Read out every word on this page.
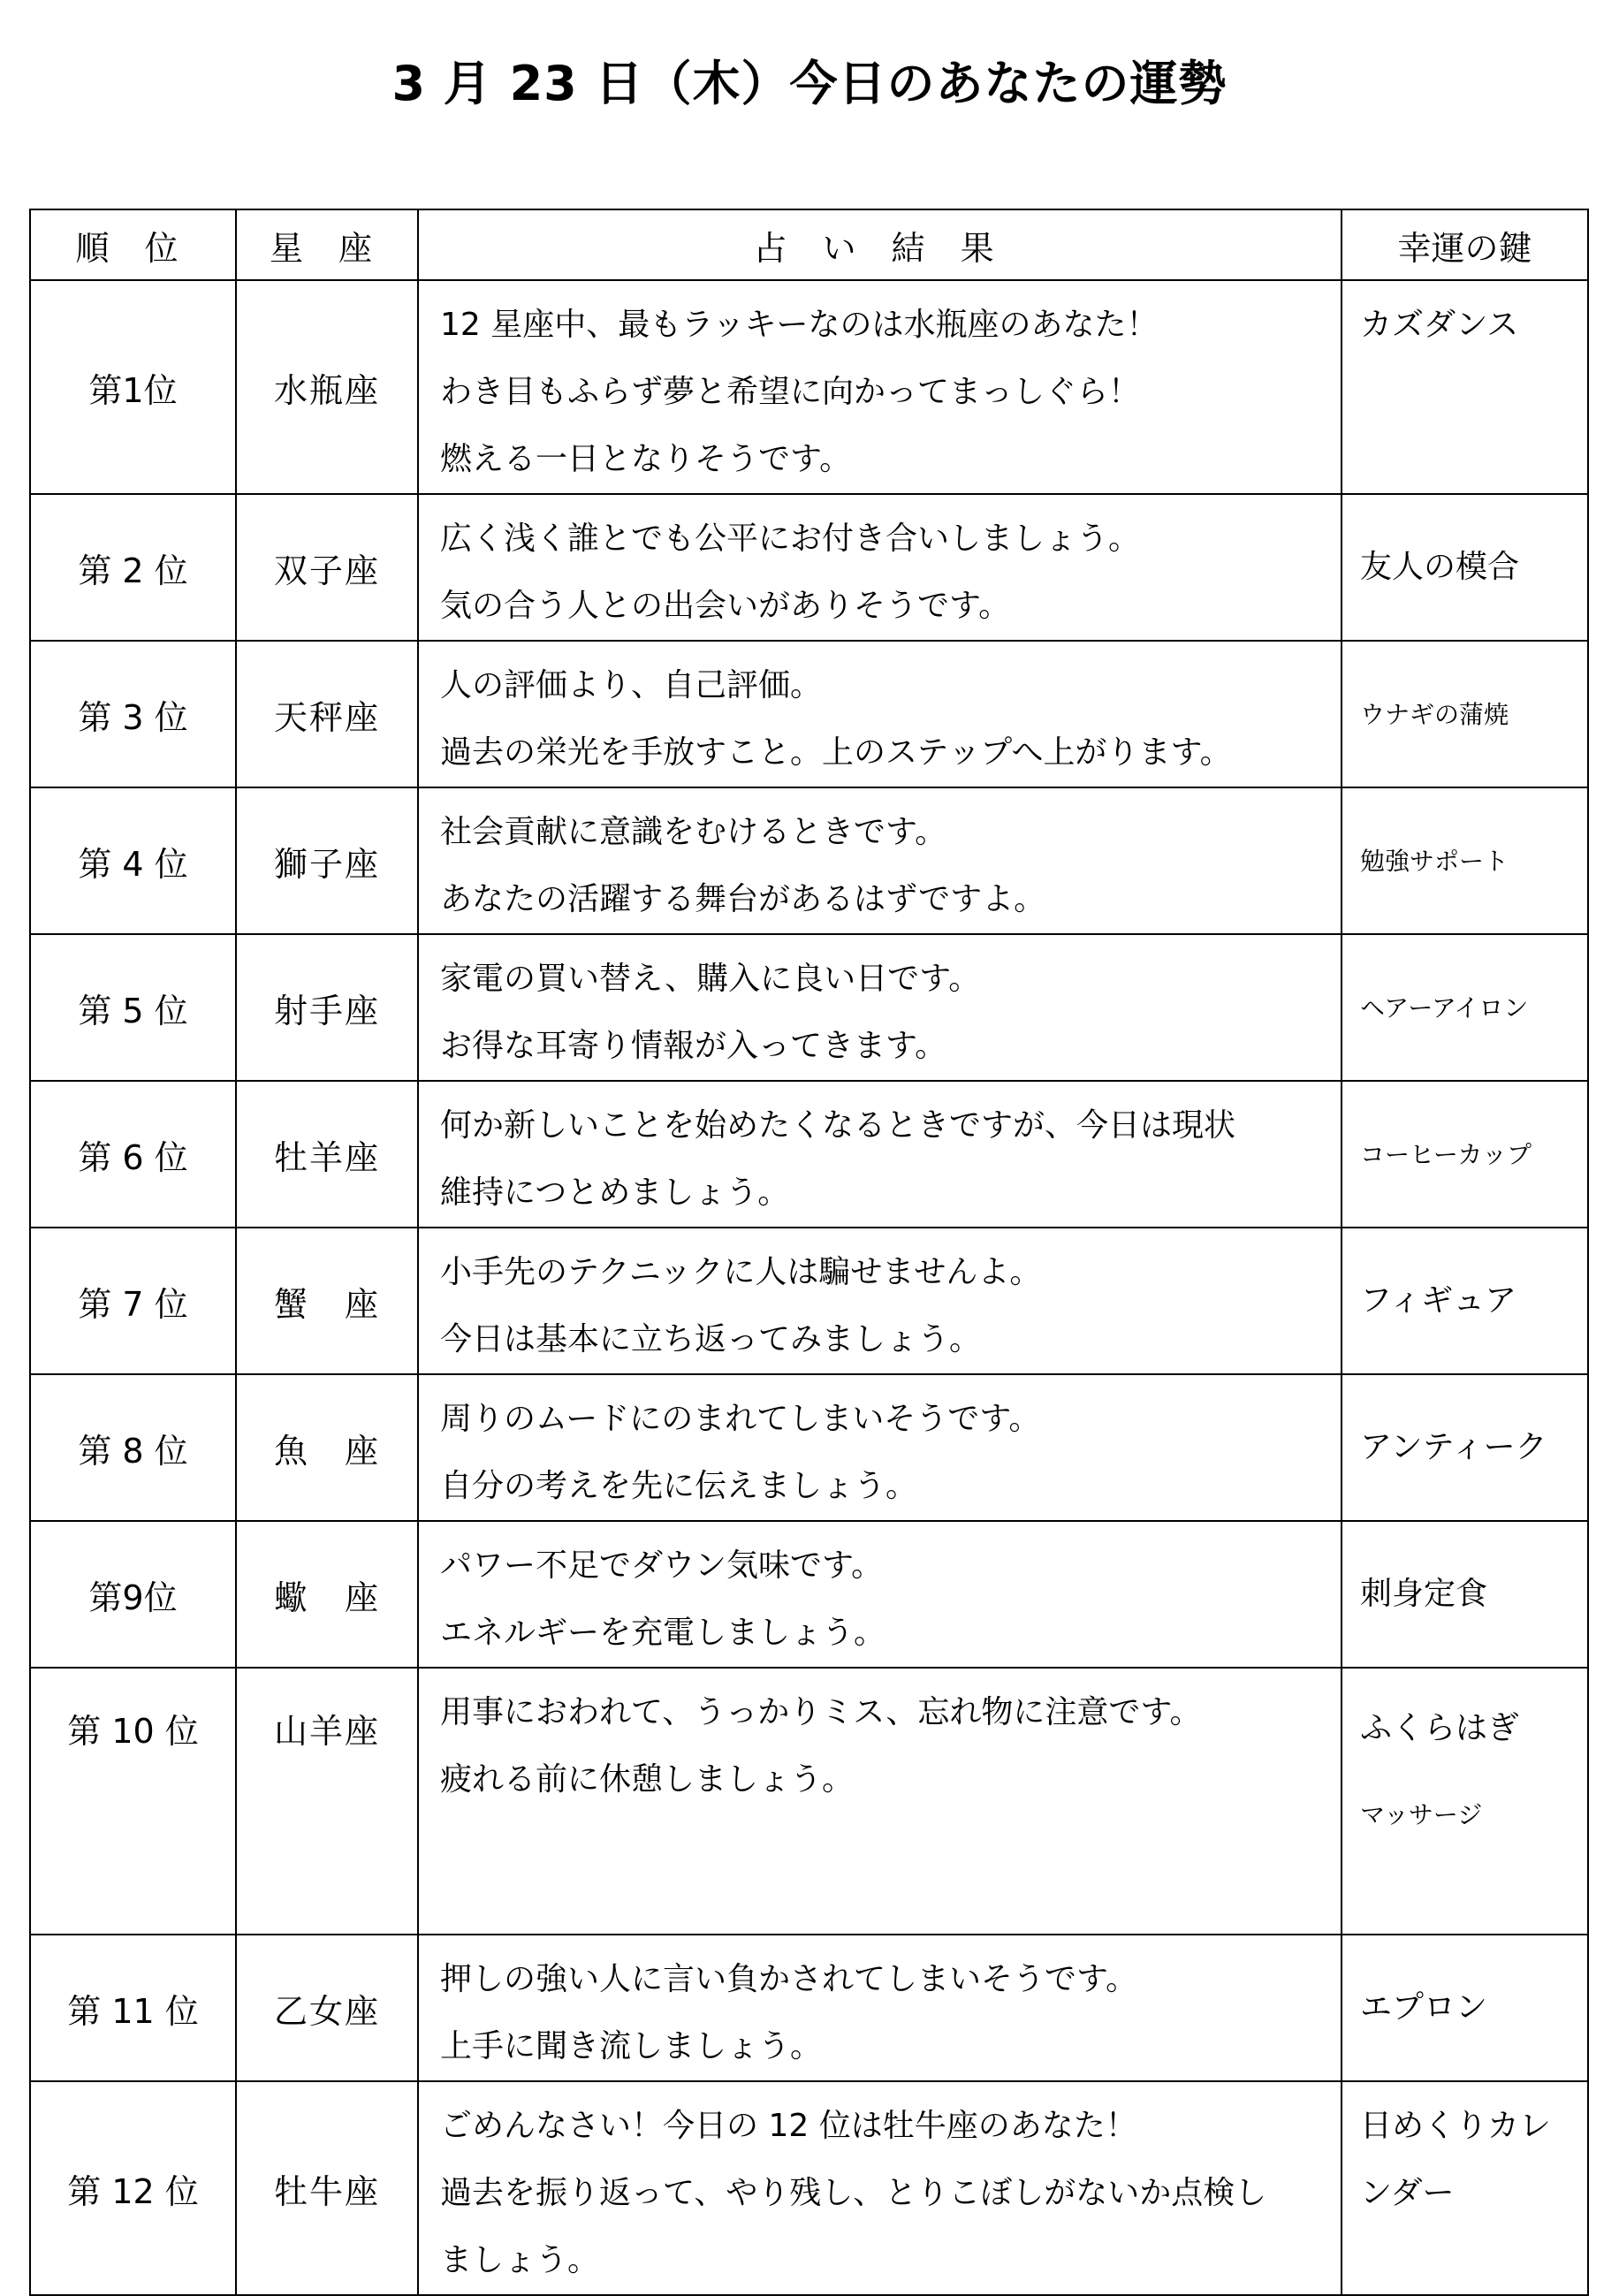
3 月 23 日（木）今日のあなたの運勢
順 位	星 座	占 い 結 果	幸運の鍵
第1位	水瓶座	12 星座中、最もラッキーなのは水瓶座のあなた！
わき目もふらず夢と希望に向かってまっしぐら！
燃える一日となりそうです。	カズダンス
第 2 位	双子座	広く浅く誰とでも公平にお付き合いしましょう。
気の合う人との出会いがありそうです。	友人の模合
第 3 位	天秤座	人の評価より、自己評価。
過去の栄光を手放すこと。上のステップへ上がります。	ウナギの蒲焼
第 4 位	獅子座	社会貢献に意識をむけるときです。
あなたの活躍する舞台があるはずですよ。	勉強サポート
第 5 位	射手座	家電の買い替え、購入に良い日です。
お得な耳寄り情報が入ってきます。	ヘアーアイロン
第 6 位	牡羊座	何か新しいことを始めたくなるときですが、今日は現状
維持につとめましょう。	コーヒーカップ
第 7 位	蟹　座	小手先のテクニックに人は騙せませんよ。
今日は基本に立ち返ってみましょう。	フィギュア
第 8 位	魚　座	周りのムードにのまれてしまいそうです。
自分の考えを先に伝えましょう。	アンティーク
第9位	蠍　座	パワー不足でダウン気味です。
エネルギーを充電しましょう。	刺身定食
第 10 位	山羊座	用事におわれて、うっかりミス、忘れ物に注意です。
疲れる前に休憩しましょう。	ふくらはぎ
マッサージ

第 11 位	乙女座	押しの強い人に言い負かされてしまいそうです。
上手に聞き流しましょう。	エプロン
第 12 位	牡牛座	ごめんなさい！今日の 12 位は牡牛座のあなた！
過去を振り返って、やり残し、とりこぼしがないか点検し
ましょう。	日めくりカレンダー
